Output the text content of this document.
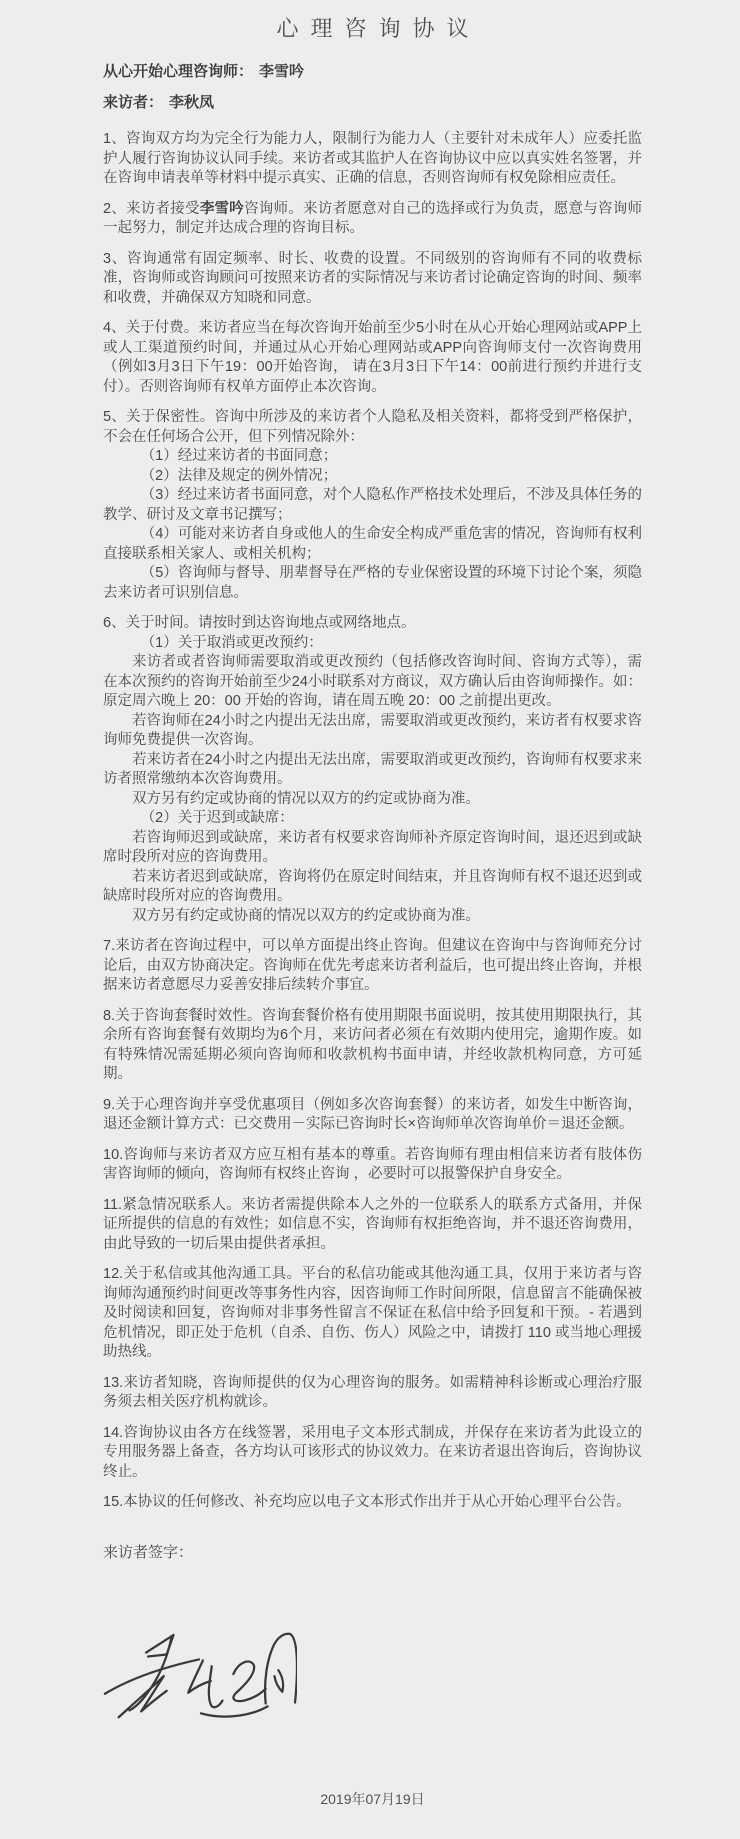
心理咨询协议
从心开始心理咨询师： 李雪吟
来访者： 李秋凤

1、咨询双方均为完全行为能力人，限制行为能力人（主要针对未成年人）应委托监护人履行咨询协议认同手续。来访者或其监护人在咨询协议中应以真实姓名签署，并在咨询申请表单等材料中提示真实、正确的信息，否则咨询师有权免除相应责任。

2、来访者接受李雪吟咨询师。来访者愿意对自己的选择或行为负责，愿意与咨询师一起努力，制定并达成合理的咨询目标。

3、咨询通常有固定频率、时长、收费的设置。不同级别的咨询师有不同的收费标准，咨询师或咨询顾问可按照来访者的实际情况与来访者讨论确定咨询的时间、频率和收费，并确保双方知晓和同意。

4、关于付费。来访者应当在每次咨询开始前至少5小时在从心开始心理网站或APP上或人工渠道预约时间，并通过从心开始心理网站或APP向咨询师支付一次咨询费用（例如3月3日下午19：00开始咨询， 请在3月3日下午14：00前进行预约并进行支付）。否则咨询师有权单方面停止本次咨询。

5、关于保密性。咨询中所涉及的来访者个人隐私及相关资料，都将受到严格保护，不会在任何场合公开，但下列情况除外：

（1）经过来访者的书面同意；

（2）法律及规定的例外情况；

（3）经过来访者书面同意，对个人隐私作严格技术处理后，不涉及具体任务的教学、研讨及文章书记撰写；

（4）可能对来访者自身或他人的生命安全构成严重危害的情况，咨询师有权利直接联系相关家人、或相关机构；

（5）咨询师与督导、朋辈督导在严格的专业保密设置的环境下讨论个案，须隐去来访者可识别信息。

6、关于时间。请按时到达咨询地点或网络地点。

（1）关于取消或更改预约：

来访者或者咨询师需要取消或更改预约（包括修改咨询时间、咨询方式等），需在本次预约的咨询开始前至少24小时联系对方商议，双方确认后由咨询师操作。如：原定周六晚上 20：00 开始的咨询，请在周五晚 20：00 之前提出更改。

若咨询师在24小时之内提出无法出席，需要取消或更改预约，来访者有权要求咨询师免费提供一次咨询。

若来访者在24小时之内提出无法出席，需要取消或更改预约，咨询师有权要求来访者照常缴纳本次咨询费用。

双方另有约定或协商的情况以双方的约定或协商为准。

（2）关于迟到或缺席：

若咨询师迟到或缺席，来访者有权要求咨询师补齐原定咨询时间，退还迟到或缺席时段所对应的咨询费用。

若来访者迟到或缺席，咨询将仍在原定时间结束，并且咨询师有权不退还迟到或缺席时段所对应的咨询费用。

双方另有约定或协商的情况以双方的约定或协商为准。

7.来访者在咨询过程中，可以单方面提出终止咨询。但建议在咨询中与咨询师充分讨论后，由双方协商决定。咨询师在优先考虑来访者利益后，也可提出终止咨询，并根据来访者意愿尽力妥善安排后续转介事宜。

8.关于咨询套餐时效性。咨询套餐价格有使用期限书面说明，按其使用期限执行，其余所有咨询套餐有效期均为6个月，来访问者必须在有效期内使用完，逾期作废。如有特殊情况需延期必须向咨询师和收款机构书面申请，并经收款机构同意，方可延期。

9.关于心理咨询并享受优惠项目（例如多次咨询套餐）的来访者，如发生中断咨询，退还金额计算方式：已交费用－实际已咨询时长×咨询师单次咨询单价＝退还金额。

10.咨询师与来访者双方应互相有基本的尊重。若咨询师有理由相信来访者有肢体伤害咨询师的倾向，咨询师有权终止咨询 ，必要时可以报警保护自身安全。

11.紧急情况联系人。来访者需提供除本人之外的一位联系人的联系方式备用，并保证所提供的信息的有效性；如信息不实，咨询师有权拒绝咨询，并不退还咨询费用，由此导致的一切后果由提供者承担。

12.关于私信或其他沟通工具。平台的私信功能或其他沟通工具，仅用于来访者与咨询师沟通预约时间更改等事务性内容，因咨询师工作时间所限，信息留言不能确保被及时阅读和回复，咨询师对非事务性留言不保证在私信中给予回复和干预。- 若遇到危机情况，即正处于危机（自杀、自伤、伤人）风险之中，请拨打 110 或当地心理援助热线。

13.来访者知晓，咨询师提供的仅为心理咨询的服务。如需精神科诊断或心理治疗服务须去相关医疗机构就诊。

14.咨询协议由各方在线签署，采用电子文本形式制成，并保存在来访者为此设立的专用服务器上备查，各方均认可该形式的协议效力。在来访者退出咨询后，咨询协议终止。

15.本协议的任何修改、补充均应以电子文本形式作出并于从心开始心理平台公告。

来访者签字：
2019年07月19日
